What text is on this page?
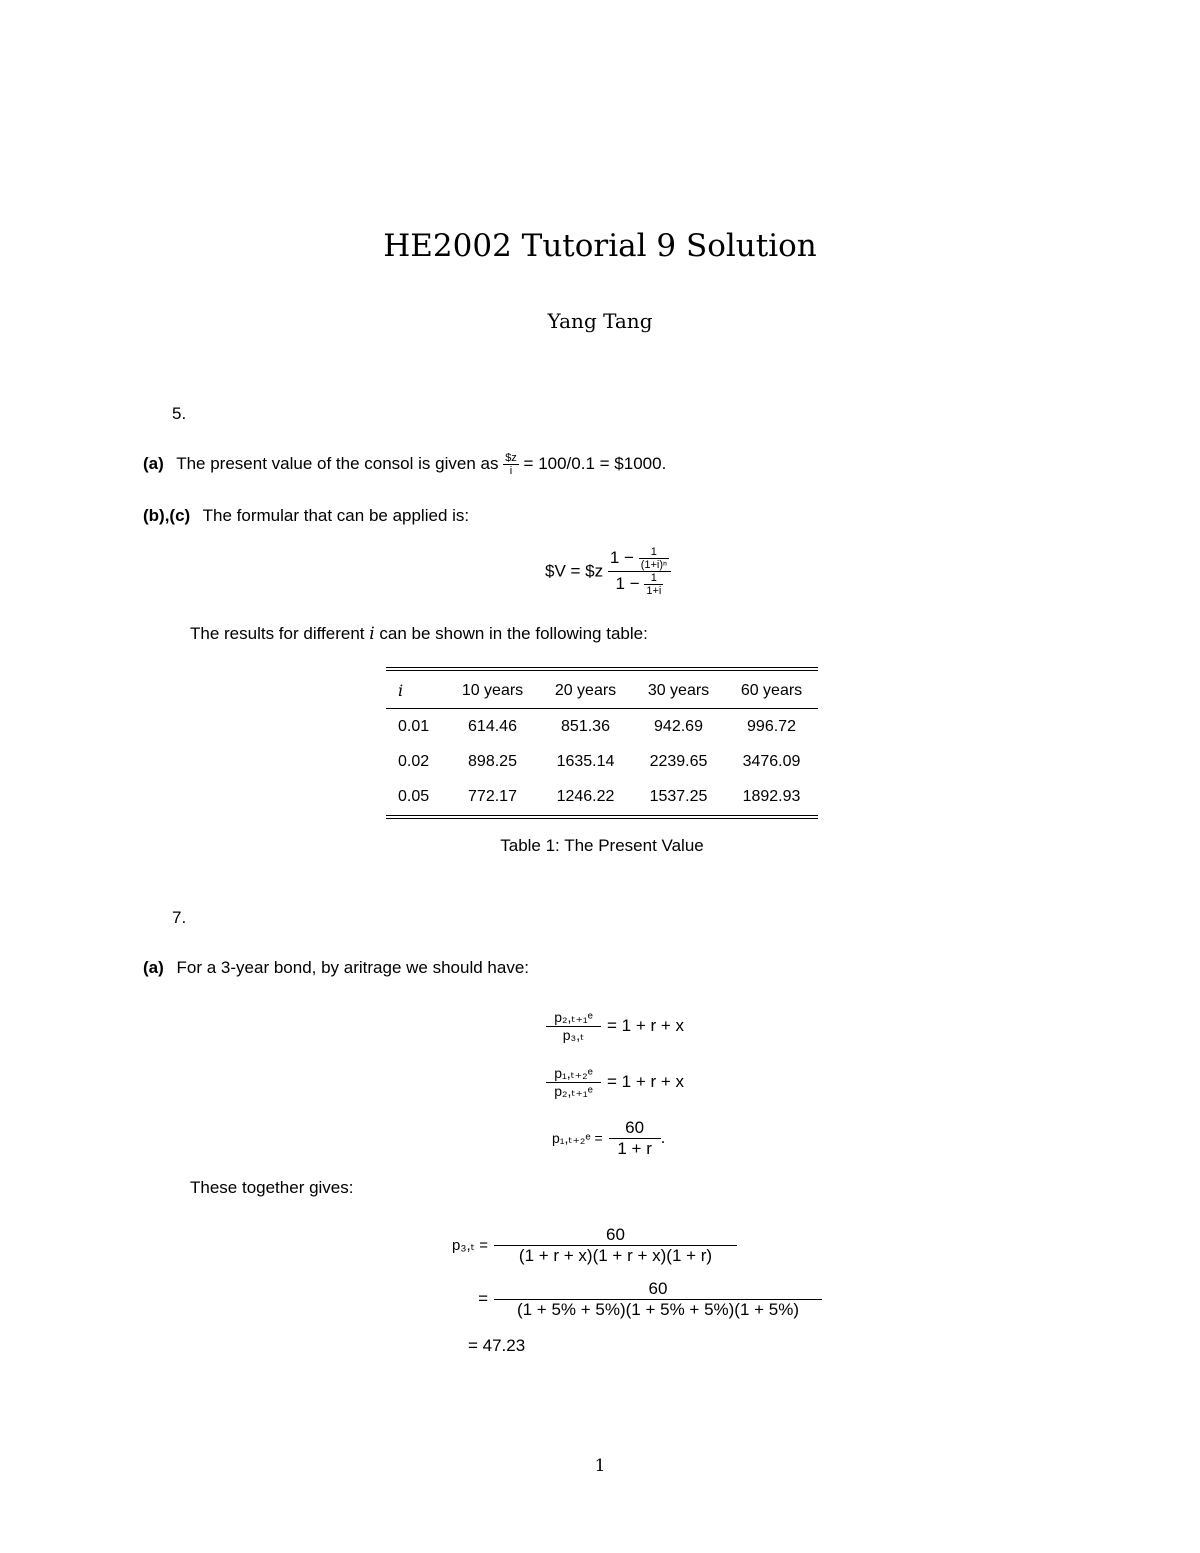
HE2002 Tutorial 9 Solution
Yang Tang
5.
(a) The present value of the consol is given as $\frac{\$z}{i} = 100/0.1$ = $1000.
(b),(c) The formular that can be applied is:
$V = $z $\frac{1 - \frac{1}{\text{(1+i)ⁿ}}}{1 - \frac{1}{1+i}}$
The results for different i can be shown in the following table:
i	10 years	20 years	30 years	60 years
0.01	614.46	851.36	942.69	996.72
0.02	898.25	1635.14	2239.65	3476.09
0.05	772.17	1246.22	1537.25	1892.93
Table 1: The Present Value
7.
(a) For a 3-year bond, by aritrage we should have:
$\frac{\text{p₂,ₜ₊₁ᵉ}}{\text{p₃,ₜ}} = 1 + r + x$
$\frac{\text{p₁,ₜ₊₂ᵉ}}{\text{p₂,ₜ₊₁ᵉ}} = 1 + r + x$
p₁,ₜ₊₂ᵉ = $\frac{60}{1 + r}$ .
These together gives:
$p_3,_t = \frac{60}{(1 + r + x)(1 + r + x)(1 + r)}$
= $\frac{60}{(1 + 5\% + 5\%)(1 + 5\% + 5\%)(1 + 5\%)}$
= 47.23
1
